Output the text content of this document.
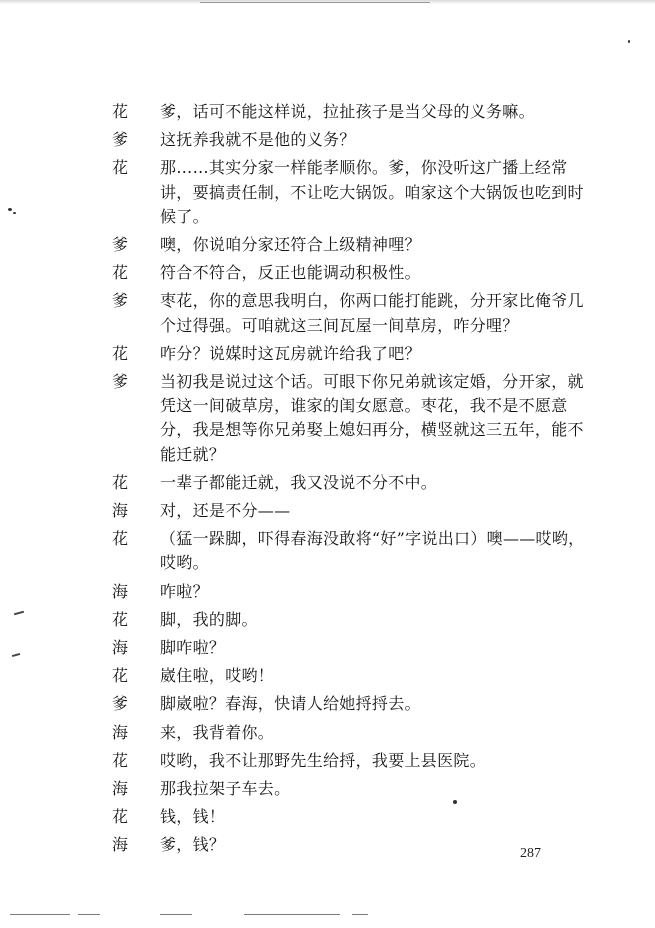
花	爹，话可不能这样说，拉扯孩子是当父母的义务嘛。
爹	这抚养我就不是他的义务？
花	那……其实分家一样能孝顺你。爹，你没听这广播上经常讲，要搞责任制，不让吃大锅饭。咱家这个大锅饭也吃到时候了。
爹	噢，你说咱分家还符合上级精神哩？
花	符合不符合，反正也能调动积极性。
爹	枣花，你的意思我明白，你两口能打能跳，分开家比俺爷几个过得强。可咱就这三间瓦屋一间草房，咋分哩？
花	咋分？说媒时这瓦房就许给我了吧？
爹	当初我是说过这个话。可眼下你兄弟就该定婚，分开家，就凭这一间破草房，谁家的闺女愿意。枣花，我不是不愿意分，我是想等你兄弟娶上媳妇再分，横竖就这三五年，能不能迁就？
花	一辈子都能迁就，我又没说不分不中。
海	对，还是不分——
花	（猛一跺脚，吓得春海没敢将“好”字说出口）噢——哎哟，哎哟。
海	咋啦？
花	脚，我的脚。
海	脚咋啦？
花	崴住啦，哎哟！
爹	脚崴啦？春海，快请人给她捋捋去。
海	来，我背着你。
花	哎哟，我不让那野先生给捋，我要上县医院。
海	那我拉架子车去。
花	钱，钱！
海	爹，钱？	287
